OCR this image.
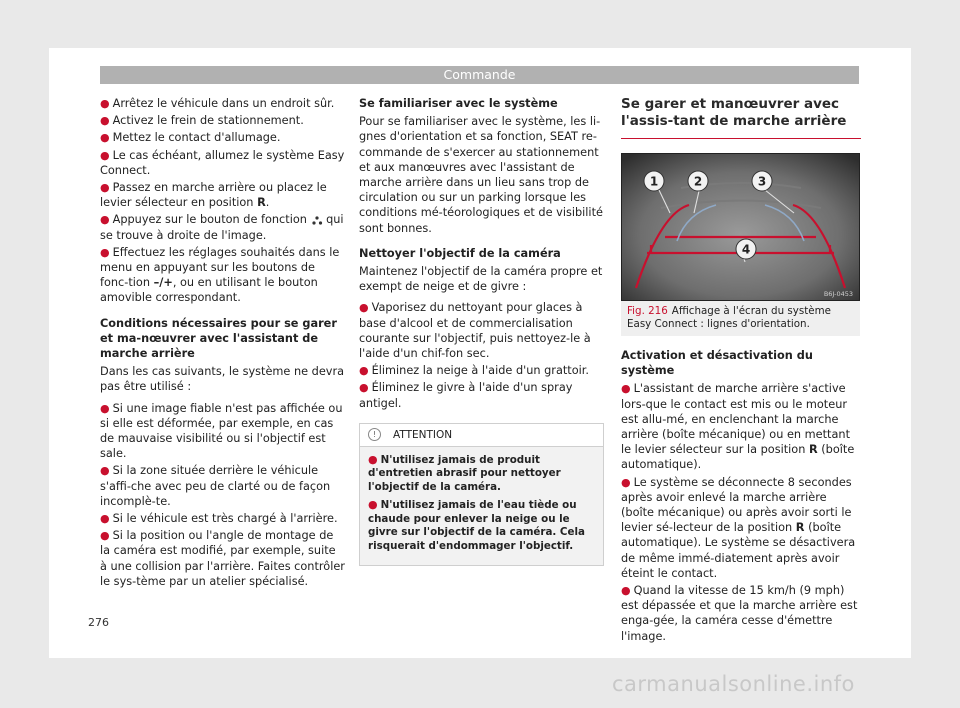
Commande
● Arrêtez le véhicule dans un endroit sûr.
● Activez le frein de stationnement.
● Mettez le contact d'allumage.
● Le cas échéant, allumez le système Easy Connect.
● Passez en marche arrière ou placez le levier sélecteur en position R.
● Appuyez sur le bouton de fonction  qui se trouve à droite de l'image.
● Effectuez les réglages souhaités dans le menu en appuyant sur les boutons de fonc-tion –/+, ou en utilisant le bouton amovible correspondant.
Conditions nécessaires pour se garer et ma-nœuvrer avec l'assistant de marche arrière

Dans les cas suivants, le système ne devra pas être utilisé :

● Si une image fiable n'est pas affichée ou si elle est déformée, par exemple, en cas de mauvaise visibilité ou si l'objectif est sale.
● Si la zone située derrière le véhicule s'affi-che avec peu de clarté ou de façon incomplè-te.
● Si le véhicule est très chargé à l'arrière.
● Si la position ou l'angle de montage de la caméra est modifié, par exemple, suite à une collision par l'arrière. Faites contrôler le sys-tème par un atelier spécialisé.
Se familiariser avec le système

Pour se familiariser avec le système, les li-gnes d'orientation et sa fonction, SEAT re-commande de s'exercer au stationnement et aux manœuvres avec l'assistant de marche arrière dans un lieu sans trop de circulation ou sur un parking lorsque les conditions mé-téorologiques et de visibilité sont bonnes.

Nettoyer l'objectif de la caméra

Maintenez l'objectif de la caméra propre et exempt de neige et de givre :

● Vaporisez du nettoyant pour glaces à base d'alcool et de commercialisation courante sur l'objectif, puis nettoyez-le à l'aide d'un chif-fon sec.
● Éliminez la neige à l'aide d'un grattoir.
● Éliminez le givre à l'aide d'un spray antigel.
! ATTENTION
● N'utilisez jamais de produit d'entretien abrasif pour nettoyer l'objectif de la caméra.
● N'utilisez jamais de l'eau tiède ou chaude pour enlever la neige ou le givre sur l'objectif de la caméra. Cela risquerait d'endommager l'objectif.
Se garer et manœuvrer avec l'assis-tant de marche arrière
1	2	3
4
B6J-0453
Fig. 216 Affichage à l'écran du système Easy Connect : lignes d'orientation.
Activation et désactivation du système
● L'assistant de marche arrière s'active lors-que le contact est mis ou le moteur est allu-mé, en enclenchant la marche arrière (boîte mécanique) ou en mettant le levier sélecteur sur la position R (boîte automatique).
● Le système se déconnecte 8 secondes après avoir enlevé la marche arrière (boîte mécanique) ou après avoir sorti le levier sé-lecteur de la position R (boîte automatique). Le système se désactivera de même immé-diatement après avoir éteint le contact.
● Quand la vitesse de 15 km/h (9 mph) est dépassée et que la marche arrière est enga-gée, la caméra cesse d'émettre l'image.
276
carmanualsonline.info
